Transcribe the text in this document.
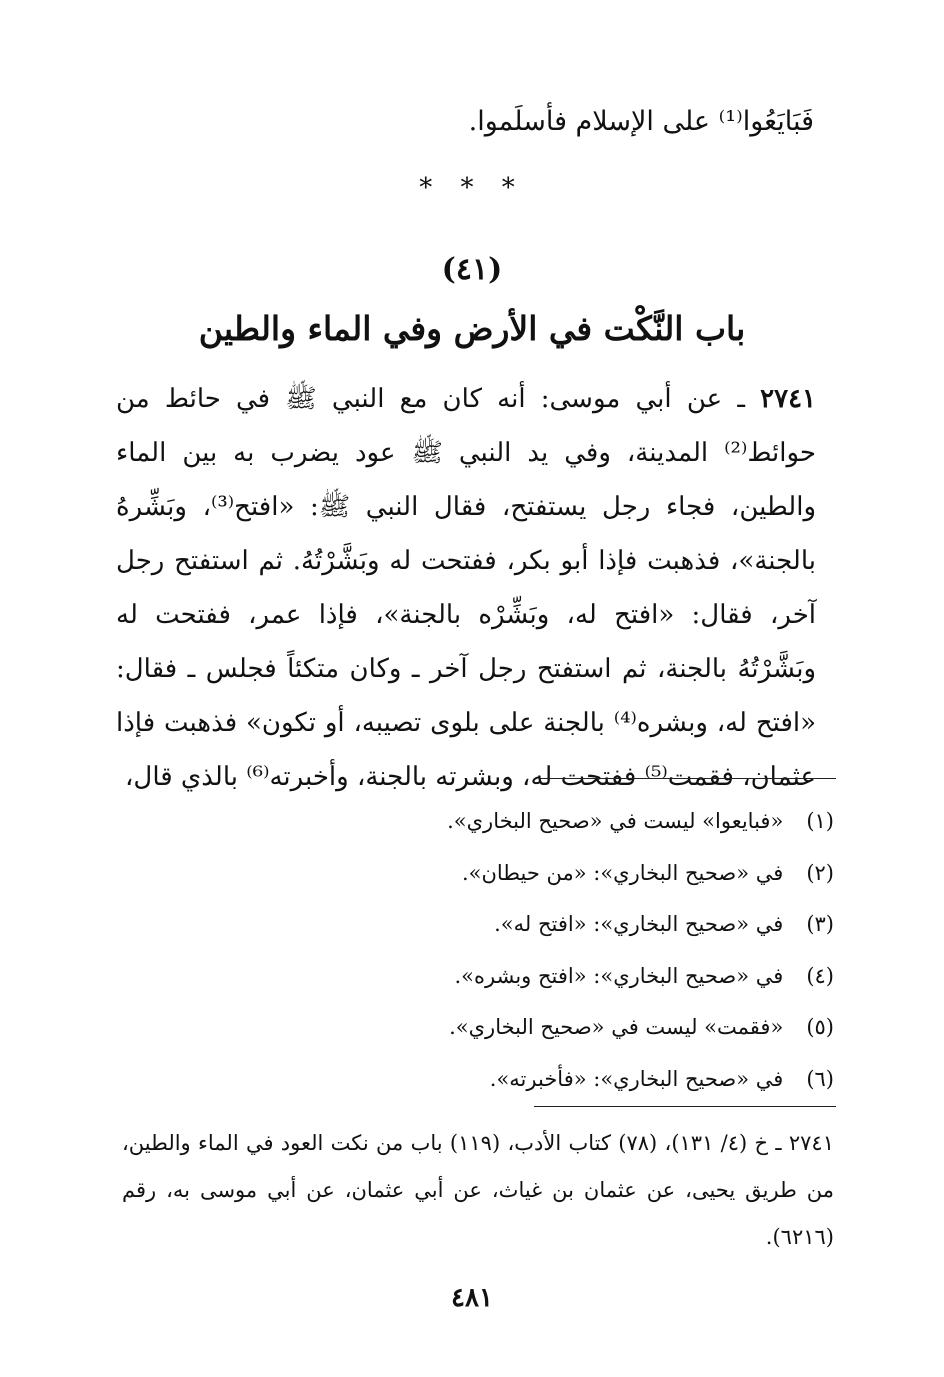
فَبَايَعُوا⁽¹⁾ على الإسلام فأسلَموا.
* * *
(٤١)
باب النَّكْت في الأرض وفي الماء والطين
٢٧٤١ ـ عن أبي موسى: أنه كان مع النبي ﷺ في حائط من حوائط⁽²⁾ المدينة، وفي يد النبي ﷺ عود يضرب به بين الماء والطين، فجاء رجل يستفتح، فقال النبي ﷺ: «افتح⁽³⁾، وبَشِّرهُ بالجنة»، فذهبت فإذا أبو بكر، ففتحت له وبَشَّرْتُهُ. ثم استفتح رجل آخر، فقال: «افتح له، وبَشِّرْه بالجنة»، فإذا عمر، ففتحت له وبَشَّرْتُهُ بالجنة، ثم استفتح رجل آخر ـ وكان متكئاً فجلس ـ فقال: «افتح له، وبشره⁽⁴⁾ بالجنة على بلوى تصيبه، أو تكون» فذهبت فإذا عثمان، فقمت⁽⁵⁾ ففتحت له، وبشرته بالجنة، وأخبرته⁽⁶⁾ بالذي قال،
(١) «فبايعوا» ليست في «صحيح البخاري».
(٢) في «صحيح البخاري»: «من حيطان».
(٣) في «صحيح البخاري»: «افتح له».
(٤) في «صحيح البخاري»: «افتح وبشره».
(٥) «فقمت» ليست في «صحيح البخاري».
(٦) في «صحيح البخاري»: «فأخبرته».
٢٧٤١ ـ خ (٤/ ١٣١)، (٧٨) كتاب الأدب، (١١٩) باب من نكت العود في الماء والطين، من طريق يحيى، عن عثمان بن غياث، عن أبي عثمان، عن أبي موسى به، رقم (٦٢١٦).
٤٨١
